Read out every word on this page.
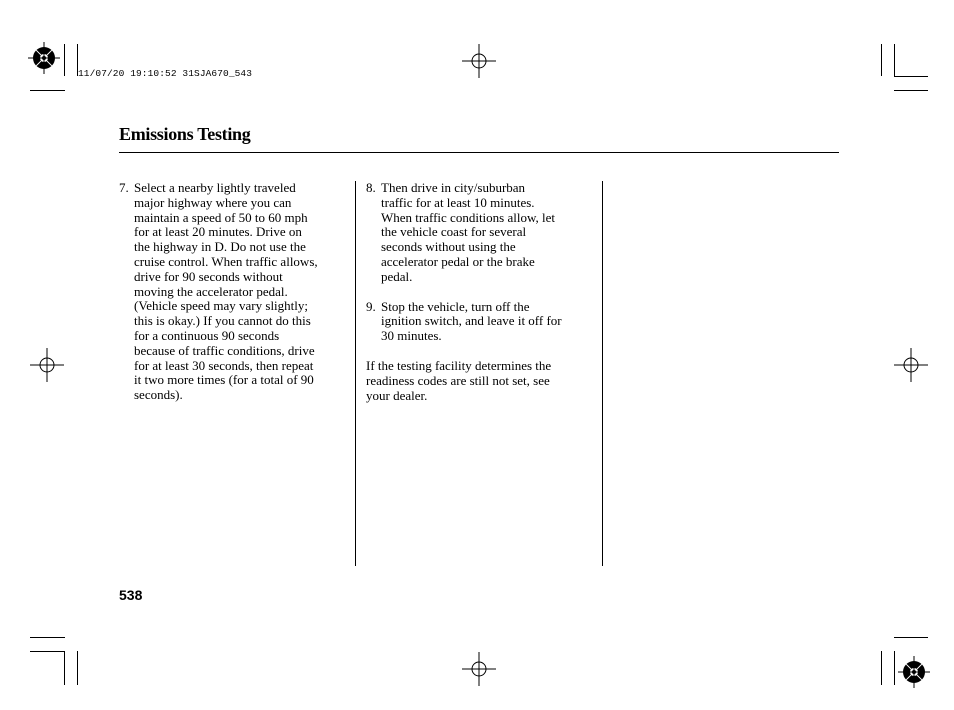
11/07/20 19:10:52 31SJA670_543
Emissions Testing
7. Select a nearby lightly traveled
major highway where you can
maintain a speed of 50 to 60 mph
for at least 20 minutes. Drive on
the highway in D. Do not use the
cruise control. When traffic allows,
drive for 90 seconds without
moving the accelerator pedal.
(Vehicle speed may vary slightly;
this is okay.) If you cannot do this
for a continuous 90 seconds
because of traffic conditions, drive
for at least 30 seconds, then repeat
it two more times (for a total of 90
seconds).
8. Then drive in city/suburban
traffic for at least 10 minutes.
When traffic conditions allow, let
the vehicle coast for several
seconds without using the
accelerator pedal or the brake
pedal.
9. Stop the vehicle, turn off the
ignition switch, and leave it off for
30 minutes.
If the testing facility determines the
readiness codes are still not set, see
your dealer.
538
